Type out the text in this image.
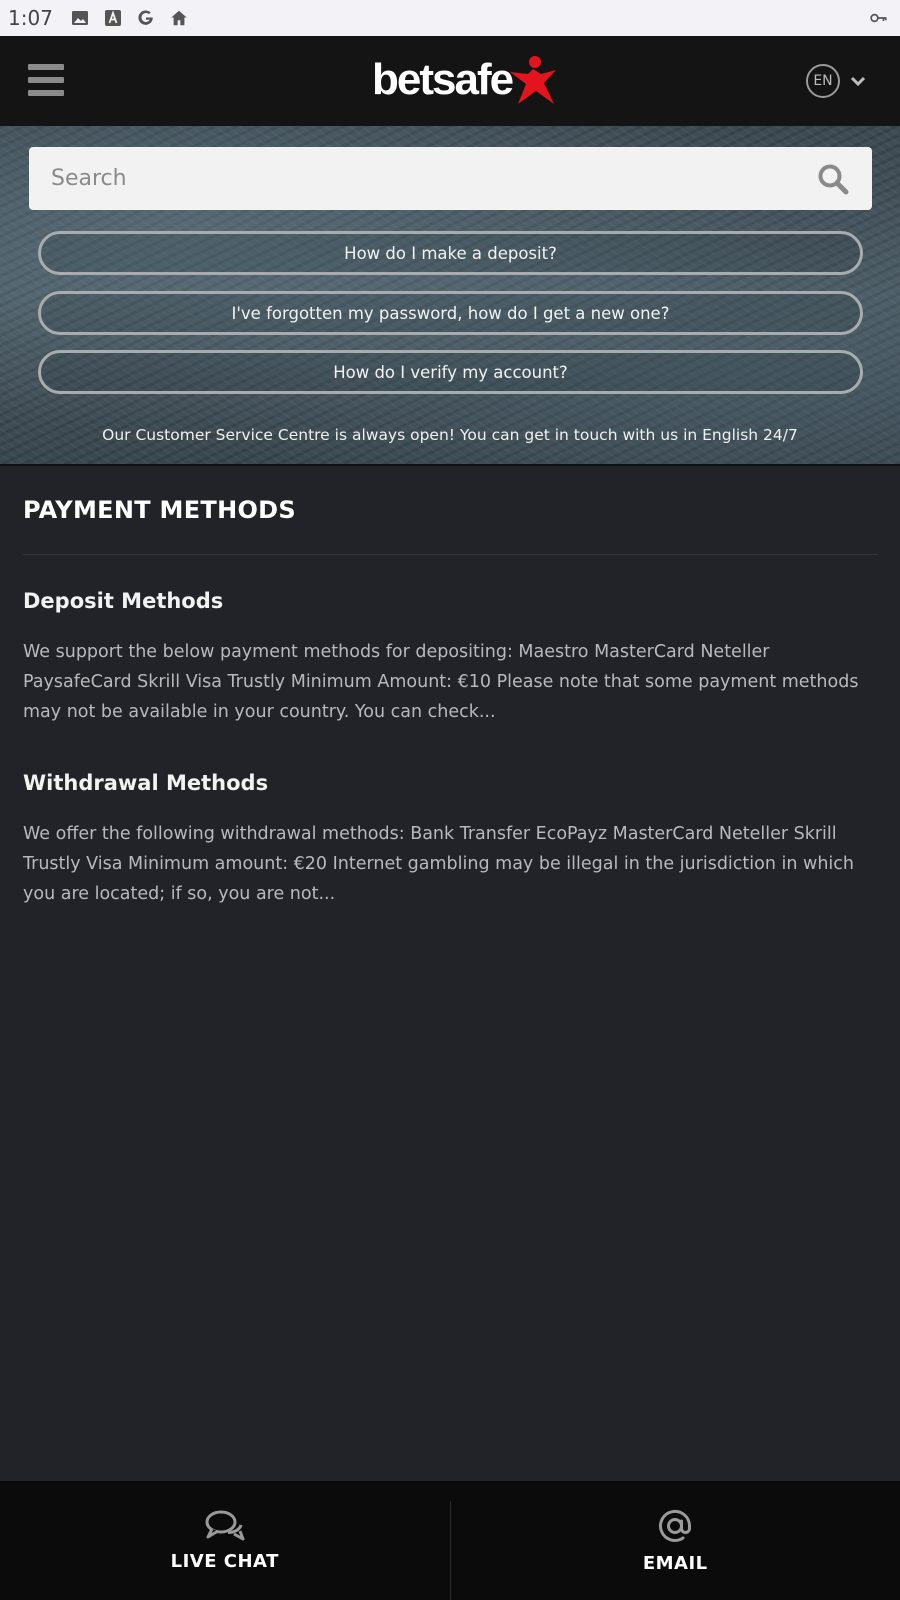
1:07
betsafe	EN
Search
How do I make a deposit?
I've forgotten my password, how do I get a new one?
How do I verify my account?
Our Customer Service Centre is always open! You can get in touch with us in English 24/7
PAYMENT METHODS
Deposit Methods

We support the below payment methods for depositing: Maestro MasterCard Neteller PaysafeCard Skrill Visa Trustly Minimum Amount: €10 Please note that some payment methods may not be available in your country. You can check...

Withdrawal Methods

We offer the following withdrawal methods: Bank Transfer EcoPayz MasterCard Neteller Skrill Trustly Visa Minimum amount: €20 Internet gambling may be illegal in the jurisdiction in which you are located; if so, you are not...

LIVE CHAT	EMAIL
